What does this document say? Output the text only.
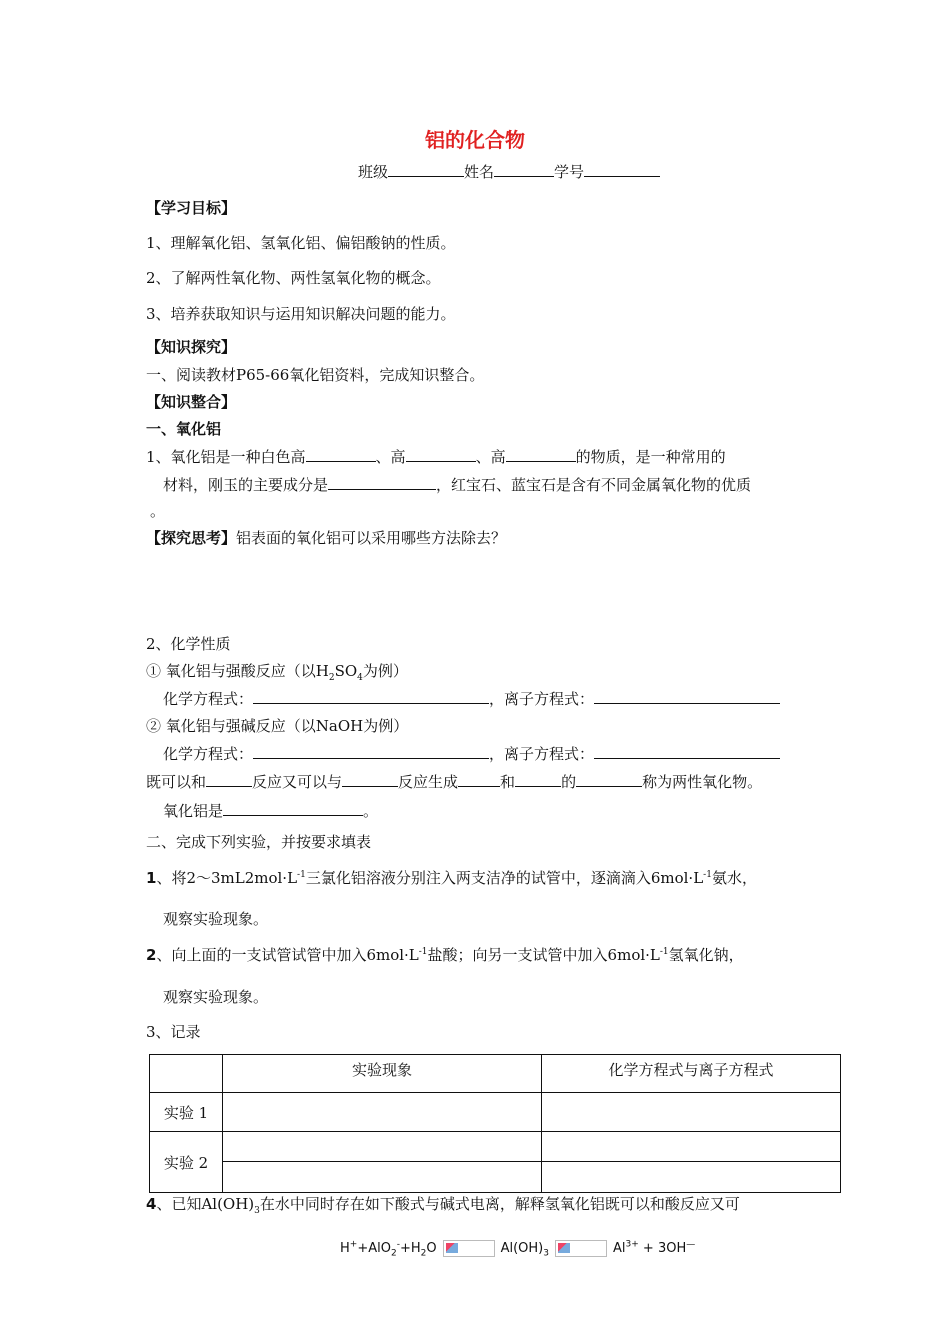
铝的化合物
班级	姓名	学号
【学习目标】
1、理解氧化铝、氢氧化铝、偏铝酸钠的性质。
2、了解两性氧化物、两性氢氧化物的概念。
3、培养获取知识与运用知识解决问题的能力。
【知识探究】
一、阅读教材P65-66氧化铝资料，完成知识整合。
【知识整合】
一、氧化铝
1、氧化铝是一种白色高	、高	、高	的物质，是一种常用的
材料，刚玉的主要成分是	，红宝石、蓝宝石是含有不同金属氧化物的优质
。
【探究思考】铝表面的氧化铝可以采用哪些方法除去？
2、化学性质
① 氧化铝与强酸反应（以$H_2SO_4$为例）
化学方程式：	，离子方程式：
② 氧化铝与强碱反应（以NaOH为例）
化学方程式：	，离子方程式：
既可以和	反应又可以与	反应生成	和	的	称为两性氧化物。
氧化铝是	。
二、完成下列实验，并按要求填表
1、将$2\sim 3mL2mol\cdot L^{-1}$三氯化铝溶液分别注入两支洁净的试管中，逐滴滴入$6mol\cdot L^{-1}$氨水，
观察实验现象。
2、向上面的一支试管试管中加入$6mol\cdot L^{-1}$盐酸；向另一支试管中加入$6mol\cdot L^{-1}$氢氧化钠，
观察实验现象。
3、记录
	实验现象	化学方程式与离子方程式
实验 1		
实验 2		

4、已知$Al(OH)_3$在水中同时存在如下酸式与碱式电离，解释氢氧化铝既可以和酸反应又可
$H^++AlO_2^-+H_2O$	$Al(OH)_3$	$Al^{3+} + 3OH^—$
